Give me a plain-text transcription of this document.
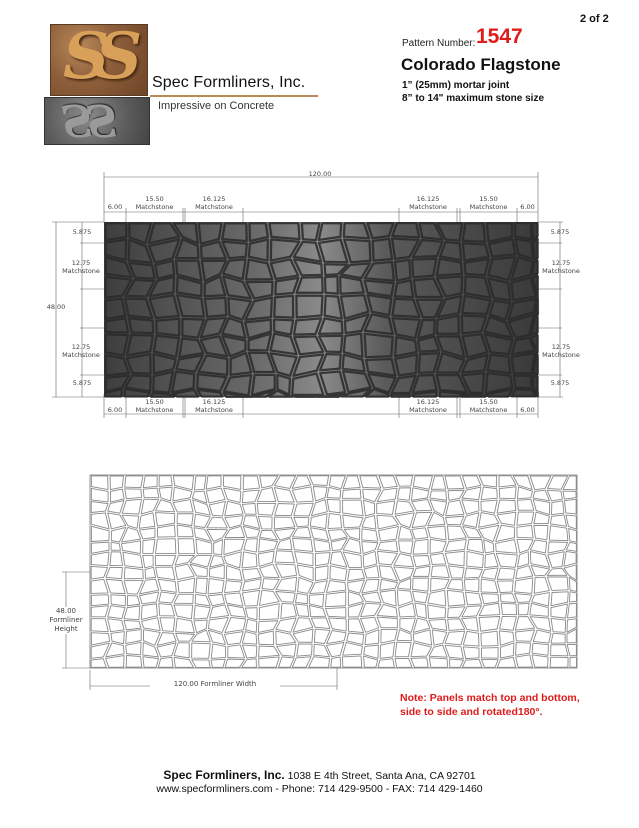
SS
SS
Spec Formliners, Inc.
Impressive on Concrete
2 of 2
Pattern Number: 1547
Colorado Flagstone
1” (25mm) mortar joint
8” to 14" maximum stone size
120.00
6.00
15.50
Matchstone
16.125
Matchstone
16.125
Matchstone
15.50
Matchstone	6.00
6.00
15.50
Matchstone
16.125
Matchstone
16.125
Matchstone
15.50
Matchstone	6.00
48.00
5.875
12.75
Matchstone
12.75
Matchstone
5.875
5.875
12.75
Matchstone
12.75
Matchstone
5.875
48.00
Formliner
Height
120.00 Formliner Width
Note: Panels match top and bottom,
side to side and rotated180°.
Spec Formliners, Inc. 1038 E 4th Street, Santa Ana, CA 92701
www.specformliners.com - Phone: 714 429-9500 - FAX: 714 429-1460
